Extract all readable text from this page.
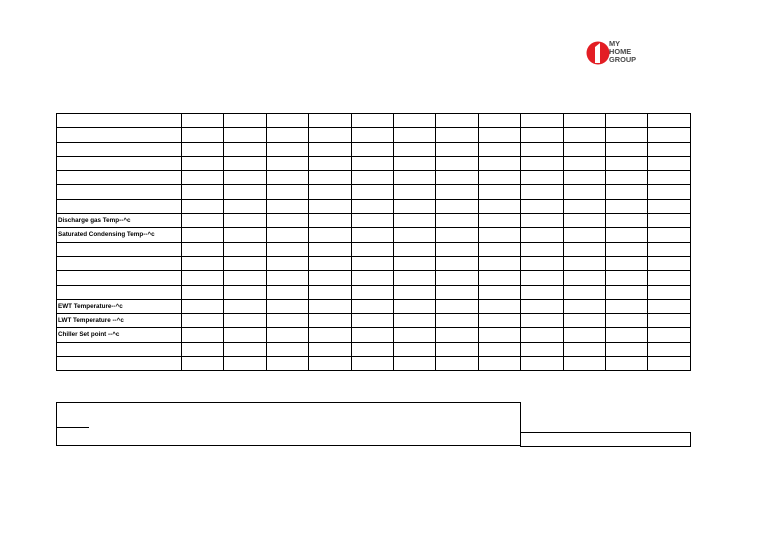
MY
HOME
GROUP

Discharge gas Temp--^c												
Saturated Condensing Temp--^c												

EWT Temperature--^c												
LWT Temperature --^c												
Chiller Set point --^c												
